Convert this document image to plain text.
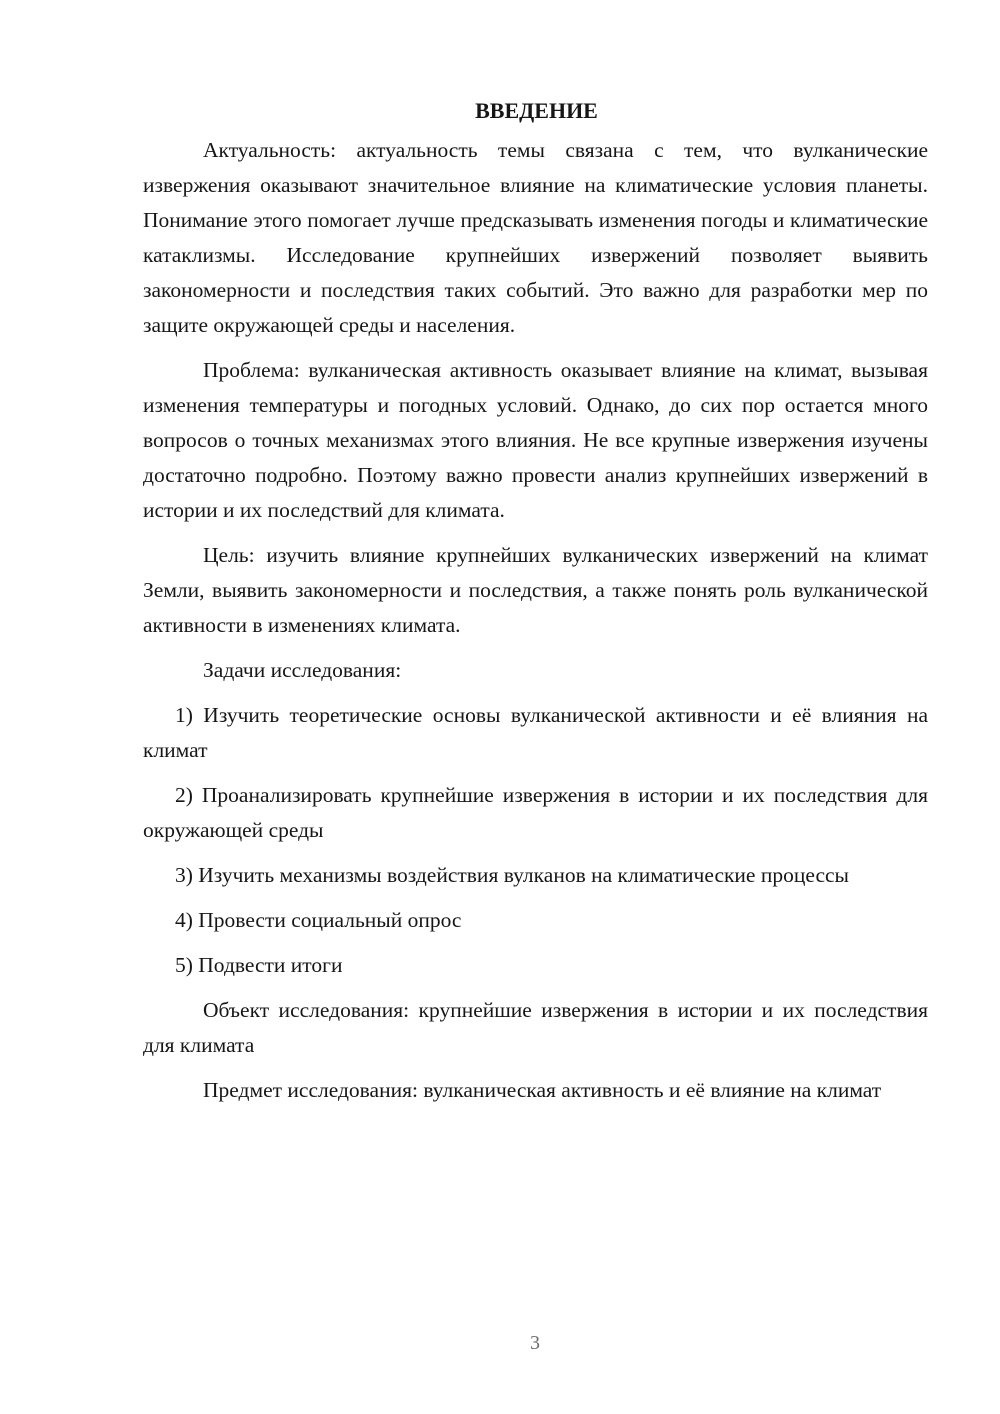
ВВЕДЕНИЕ

Актуальность: актуальность темы связана с тем, что вулканические извержения оказывают значительное влияние на климатические условия планеты. Понимание этого помогает лучше предсказывать изменения погоды и климатические катаклизмы. Исследование крупнейших извержений позволяет выявить закономерности и последствия таких событий. Это важно для разработки мер по защите окружающей среды и населения.

Проблема: вулканическая активность оказывает влияние на климат, вызывая изменения температуры и погодных условий. Однако, до сих пор остается много вопросов о точных механизмах этого влияния. Не все крупные извержения изучены достаточно подробно. Поэтому важно провести анализ крупнейших извержений в истории и их последствий для климата.

Цель: изучить влияние крупнейших вулканических извержений на климат Земли, выявить закономерности и последствия, а также понять роль вулканической активности в изменениях климата.

Задачи исследования:

1) Изучить теоретические основы вулканической активности и её влияния на климат

2) Проанализировать крупнейшие извержения в истории и их последствия для окружающей среды

3) Изучить механизмы воздействия вулканов на климатические процессы

4) Провести социальный опрос

5) Подвести итоги

Объект исследования: крупнейшие извержения в истории и их последствия для климата

Предмет исследования: вулканическая активность и её влияние на климат

3
